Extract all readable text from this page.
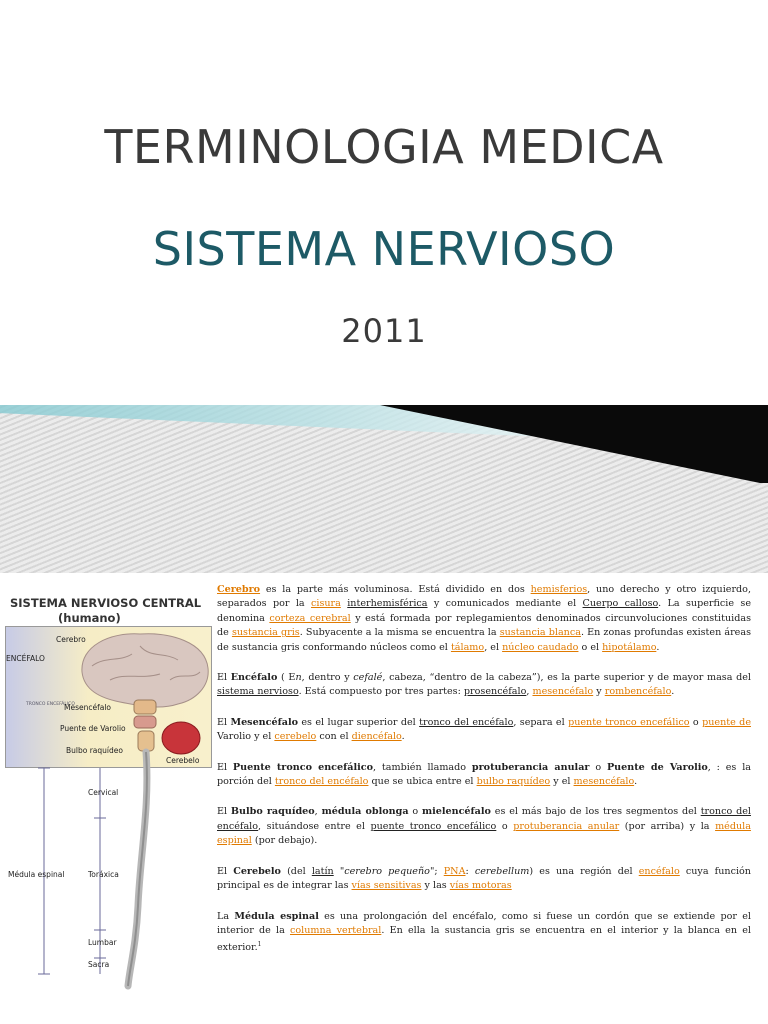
TERMINOLOGIA MEDICA
SISTEMA NERVIOSO
2011
SISTEMA NERVIOSO CENTRAL
(humano)
Cerebro
ENCÉFALO
TRONCO ENCEFÁLICO
Mesencéfalo
Puente de Varolio
Bulbo raquídeo
Cerebelo
Cervical
Toráxica
Médula espinal
Lumbar
Sacra

Cerebro es la parte más voluminosa. Está dividido en dos hemisferios, uno derecho y otro izquierdo, separados por la cisura interhemisférica y comunicados mediante el Cuerpo calloso. La superficie se denomina corteza cerebral y está formada por replegamientos denominados circunvoluciones constituidas de sustancia gris. Subyacente a la misma se encuentra la sustancia blanca. En zonas profundas existen áreas de sustancia gris conformando núcleos como el tálamo, el núcleo caudado o el hipotálamo.

El Encéfalo ( En, dentro y cefalé, cabeza, “dentro de la cabeza”), es la parte superior y de mayor masa del sistema nervioso. Está compuesto por tres partes: prosencéfalo, mesencéfalo y rombencéfalo.

El Mesencéfalo es el lugar superior del tronco del encéfalo, separa el puente tronco encefálico o puente de Varolio y el cerebelo con el diencéfalo.

El Puente tronco encefálico, también llamado protuberancia anular o Puente de Varolio, : es la porción del tronco del encéfalo que se ubica entre el bulbo raquídeo y el mesencéfalo.

El Bulbo raquídeo, médula oblonga o mielencéfalo es el más bajo de los tres segmentos del tronco del encéfalo, situándose entre el puente tronco encefálico o protuberancia anular (por arriba) y la médula espinal (por debajo).

El Cerebelo (del latín "cerebro pequeño"; PNA: cerebellum) es una región del encéfalo cuya función principal es de integrar las vías sensitivas y las vías motoras

La Médula espinal es una prolongación del encéfalo, como si fuese un cordón que se extiende por el interior de la columna vertebral. En ella la sustancia gris se encuentra en el interior y la blanca en el exterior.$^1$
